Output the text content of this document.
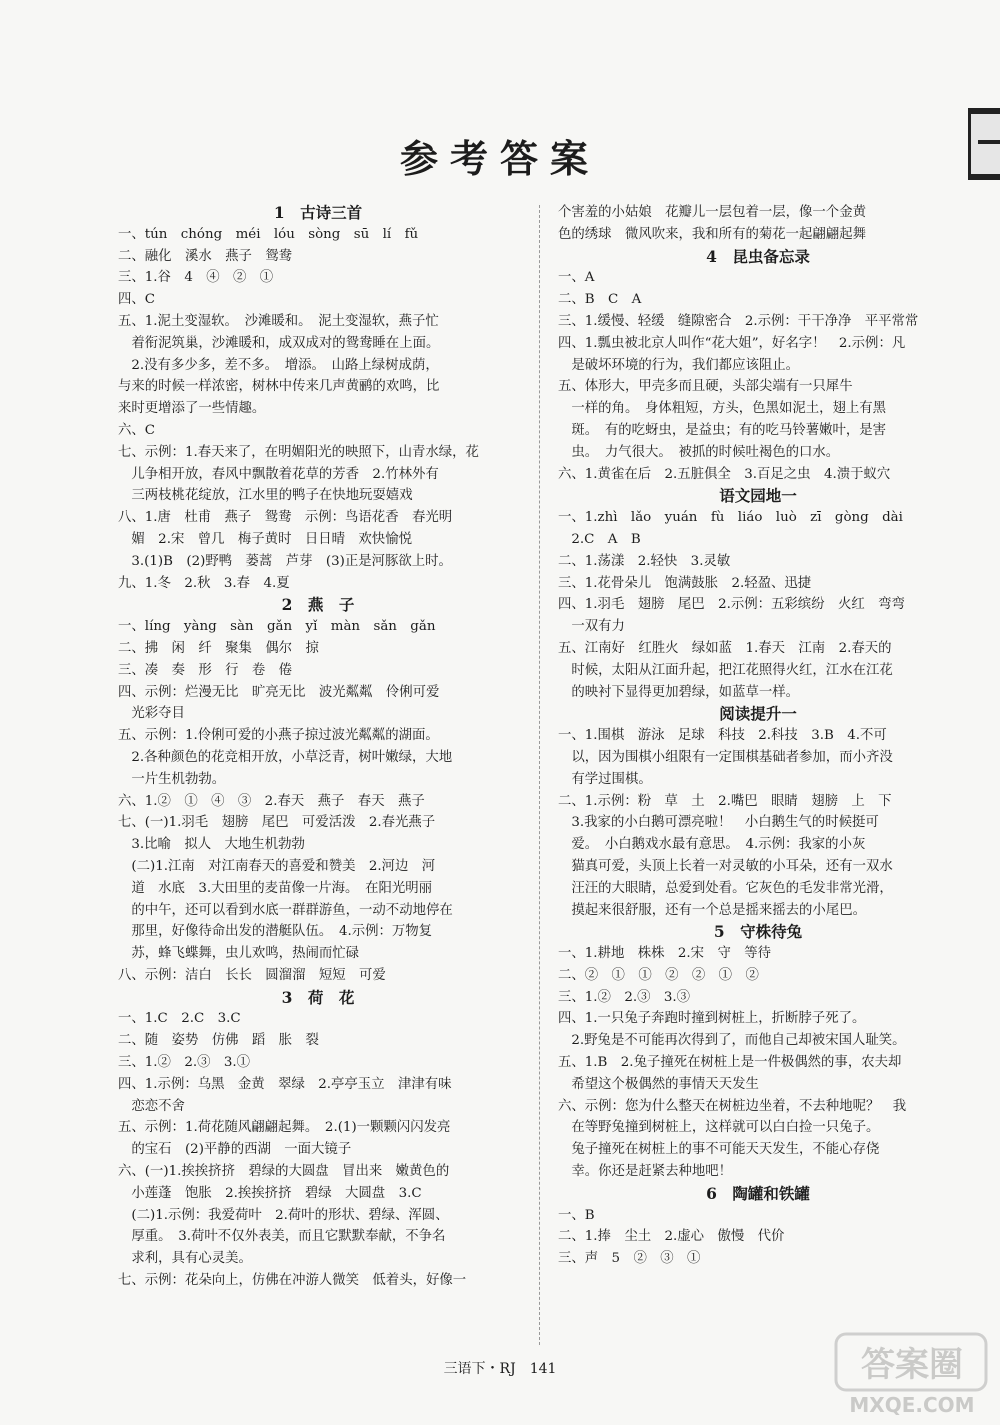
参考答案
1　古诗三首
一、tún　chóng　méi　lóu　sòng　sū　lí　fǔ
二、融化　溪水　燕子　鸳鸯
三、1.谷　4　④　②　①
四、C
五、1.泥土变湿软。　沙滩暖和。　泥土变湿软，燕子忙
　着衔泥筑巢，沙滩暖和，成双成对的鸳鸯睡在上面。
　2.没有多少多，差不多。　增添。　山路上绿树成荫，
与来的时候一样浓密，树林中传来几声黄鹂的欢鸣，比
来时更增添了一些情趣。
六、C
七、示例：1.春天来了，在明媚阳光的映照下，山青水绿，花
　儿争相开放，春风中飘散着花草的芳香　2.竹林外有
　三两枝桃花绽放，江水里的鸭子在快地玩耍嬉戏
八、1.唐　杜甫　燕子　鸳鸯　示例：鸟语花香　春光明
　媚　2.宋　曾几　梅子黄时　日日晴　欢快愉悦
　3.(1)B　(2)野鸭　蒌蒿　芦芽　(3)正是河豚欲上时。
九、1.冬　2.秋　3.春　4.夏
2　燕　子
一、líng　yàng　sàn　gǎn　yǐ　màn　sǎn　gǎn
二、拂　闲　纤　聚集　偶尔　掠
三、凑　奏　形　行　卷　倦
四、示例：烂漫无比　旷亮无比　波光粼粼　伶俐可爱
　光彩夺目
五、示例：1.伶俐可爱的小燕子掠过波光粼粼的湖面。
　2.各种颜色的花竞相开放，小草泛青，树叶嫩绿，大地
　一片生机勃勃。
六、1.②　①　④　③　2.春天　燕子　春天　燕子
七、(一)1.羽毛　翅膀　尾巴　可爱活泼　2.春光燕子
　3.比喻　拟人　大地生机勃勃
　(二)1.江南　对江南春天的喜爱和赞美　2.河边　河
　道　水底　3.大田里的麦苗像一片海。　在阳光明丽
　的中午，还可以看到水底一群群游鱼，一动不动地停在
　那里，好像待命出发的潜艇队伍。　4.示例：万物复
　苏，蜂飞蝶舞，虫儿欢鸣，热闹而忙碌
八、示例：洁白　长长　圆溜溜　短短　可爱
3　荷　花
一、1.C　2.C　3.C
二、随　姿势　仿佛　蹈　胀　裂
三、1.②　2.③　3.①
四、1.示例：乌黑　金黄　翠绿　2.亭亭玉立　津津有味
　恋恋不舍
五、示例：1.荷花随风翩翩起舞。　2.(1)一颗颗闪闪发亮
　的宝石　(2)平静的西湖　一面大镜子
六、(一)1.挨挨挤挤　碧绿的大圆盘　冒出来　嫩黄色的
　小莲蓬　饱胀　2.挨挨挤挤　碧绿　大圆盘　3.C
　(二)1.示例：我爱荷叶　2.荷叶的形状、碧绿、浑圆、
　厚重。　3.荷叶不仅外表美，而且它默默奉献，不争名
　求利，具有心灵美。
七、示例：花朵向上，仿佛在冲游人微笑　低着头，好像一
个害羞的小姑娘　花瓣儿一层包着一层，像一个金黄
色的绣球　微风吹来，我和所有的菊花一起翩翩起舞
4　昆虫备忘录
一、A
二、B　C　A
三、1.缓慢、轻缓　缝隙密合　2.示例：干干净净　平平常常
四、1.瓢虫被北京人叫作“花大姐”，好名字！　2.示例：凡
　是破坏环境的行为，我们都应该阻止。
五、体形大，甲壳多而且硬，头部尖端有一只犀牛
　一样的角。　身体粗短，方头，色黑如泥土，翅上有黑
　斑。　有的吃蚜虫，是益虫；有的吃马铃薯嫩叶，是害
　虫。　力气很大。　被抓的时候吐褐色的口水。
六、1.黄雀在后　2.五脏俱全　3.百足之虫　4.溃于蚁穴
语文园地一
一、1.zhì　lǎo　yuán　fù　liáo　luò　zī　gòng　dài
　2.C　A　B
二、1.荡漾　2.轻快　3.灵敏
三、1.花骨朵儿　饱满鼓胀　2.轻盈、迅捷
四、1.羽毛　翅膀　尾巴　2.示例：五彩缤纷　火红　弯弯
　一双有力
五、江南好　红胜火　绿如蓝　1.春天　江南　2.春天的
　时候，太阳从江面升起，把江花照得火红，江水在江花
　的映衬下显得更加碧绿，如蓝草一样。
阅读提升一
一、1.围棋　游泳　足球　科技　2.科技　3.B　4.不可
　以，因为围棋小组限有一定围棋基础者参加，而小齐没
　有学过围棋。
二、1.示例：粉　草　土　2.嘴巴　眼睛　翅膀　上　下
　3.我家的小白鹅可漂亮啦！　小白鹅生气的时候挺可
　爱。　小白鹅戏水最有意思。　4.示例：我家的小灰
　猫真可爱，头顶上长着一对灵敏的小耳朵，还有一双水
　汪汪的大眼睛，总爱到处看。它灰色的毛发非常光滑，
　摸起来很舒服，还有一个总是摇来摇去的小尾巴。
5　守株待兔
一、1.耕地　株株　2.宋　守　等待
二、②　①　①　②　②　①　②
三、1.②　2.③　3.③
四、1.一只兔子奔跑时撞到树桩上，折断脖子死了。
　2.野兔是不可能再次得到了，而他自己却被宋国人耻笑。
五、1.B　2.兔子撞死在树桩上是一件极偶然的事，农夫却
　希望这个极偶然的事情天天发生
六、示例：您为什么整天在树桩边坐着，不去种地呢？　我
　在等野兔撞到树桩上，这样就可以白白捡一只兔子。
　兔子撞死在树桩上的事不可能天天发生，不能心存侥
　幸。你还是赶紧去种地吧！
6　陶罐和铁罐
一、B
二、1.捧　尘土　2.虚心　傲慢　代价
三、声　5　②　③　①
三语下・RJ　141	答案圈
MXQE.COM
